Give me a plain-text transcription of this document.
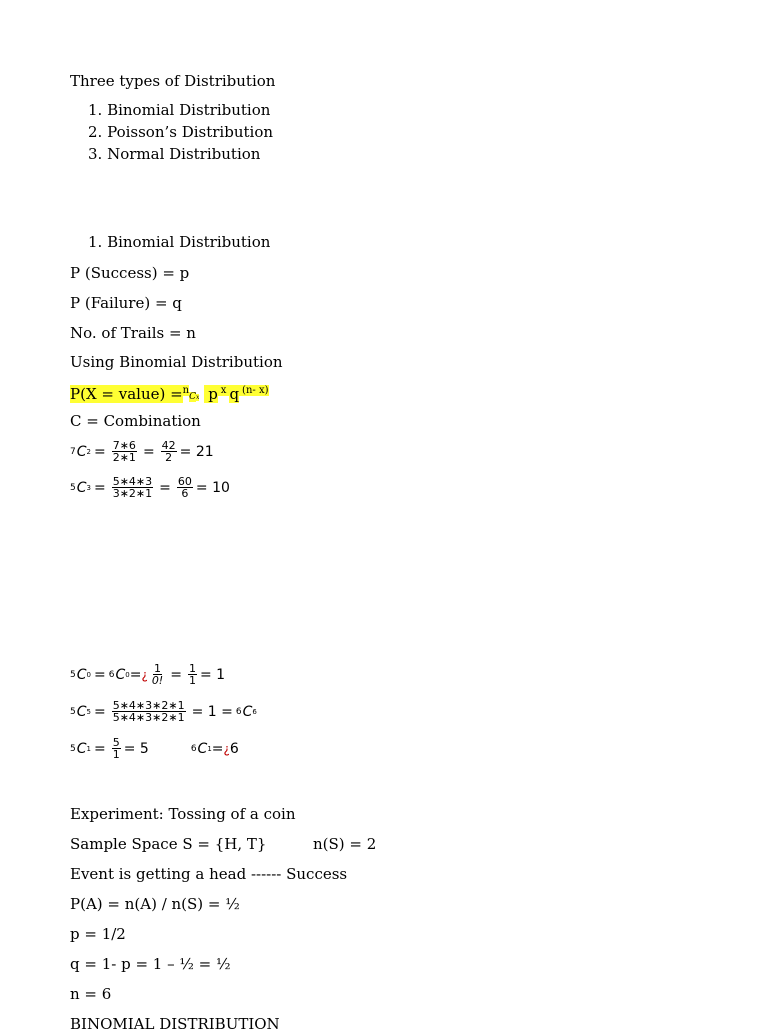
Three types of Distribution
1. Binomial Distribution
2. Poisson’s Distribution
3. Normal Distribution
1. Binomial Distribution
P (Success) = p
P (Failure) = q
No. of Trails = n
Using Binomial Distribution
P(X = value) =$^n$Cx p $^x$ q $^{(n- x)}$
C = Combination
7 C $2 = \frac{7∗6}{2∗1} = \frac{42}{2} = 21$
5 C $3 = \frac{5∗4∗3}{3∗2∗1} = \frac{60}{6} = 10$
5 C 0 = 6 C 0 = ¿ $\frac{1}{0!} = \frac{1}{1} = 1$
5 C $5 = \frac{5∗4∗3∗2∗1}{5∗4∗3∗2∗1} = 1 = 6$ C 6
5 C $1 = \frac{5}{1} = 5$	6 C 1 = ¿ 6
Experiment: Tossing of a coin
Sample Space S = {H, T}	n(S) = 2
Event is getting a head ------ Success
P(A) = n(A) / n(S) = ½
p = 1/2
q = 1- p = 1 – ½ = ½
n = 6
BINOMIAL DISTRIBUTION
